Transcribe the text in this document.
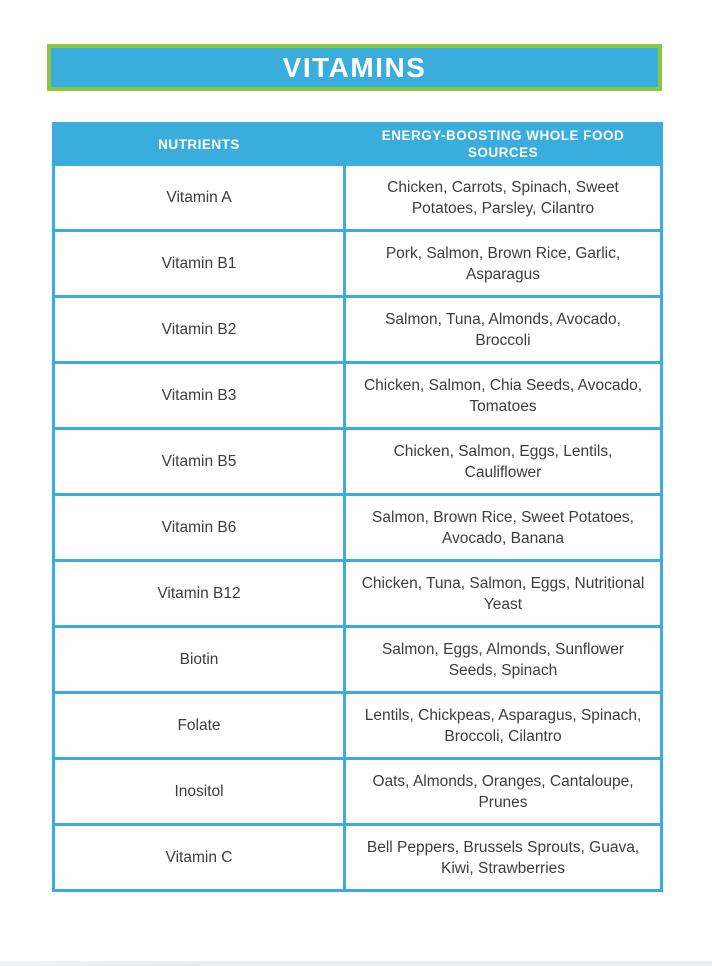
VITAMINS
NUTRIENTS	ENERGY-BOOSTING WHOLE FOOD SOURCES
Vitamin A	Chicken, Carrots, Spinach, Sweet Potatoes, Parsley, Cilantro
Vitamin B1	Pork, Salmon, Brown Rice, Garlic, Asparagus
Vitamin B2	Salmon, Tuna, Almonds, Avocado, Broccoli
Vitamin B3	Chicken, Salmon, Chia Seeds, Avocado, Tomatoes
Vitamin B5	Chicken, Salmon, Eggs, Lentils, Cauliflower
Vitamin B6	Salmon, Brown Rice, Sweet Potatoes, Avocado, Banana
Vitamin B12	Chicken, Tuna, Salmon, Eggs, Nutritional Yeast
Biotin	Salmon, Eggs, Almonds, Sunflower Seeds, Spinach
Folate	Lentils, Chickpeas, Asparagus, Spinach, Broccoli, Cilantro
Inositol	Oats, Almonds, Oranges, Cantaloupe, Prunes
Vitamin C	Bell Peppers, Brussels Sprouts, Guava, Kiwi, Strawberries
